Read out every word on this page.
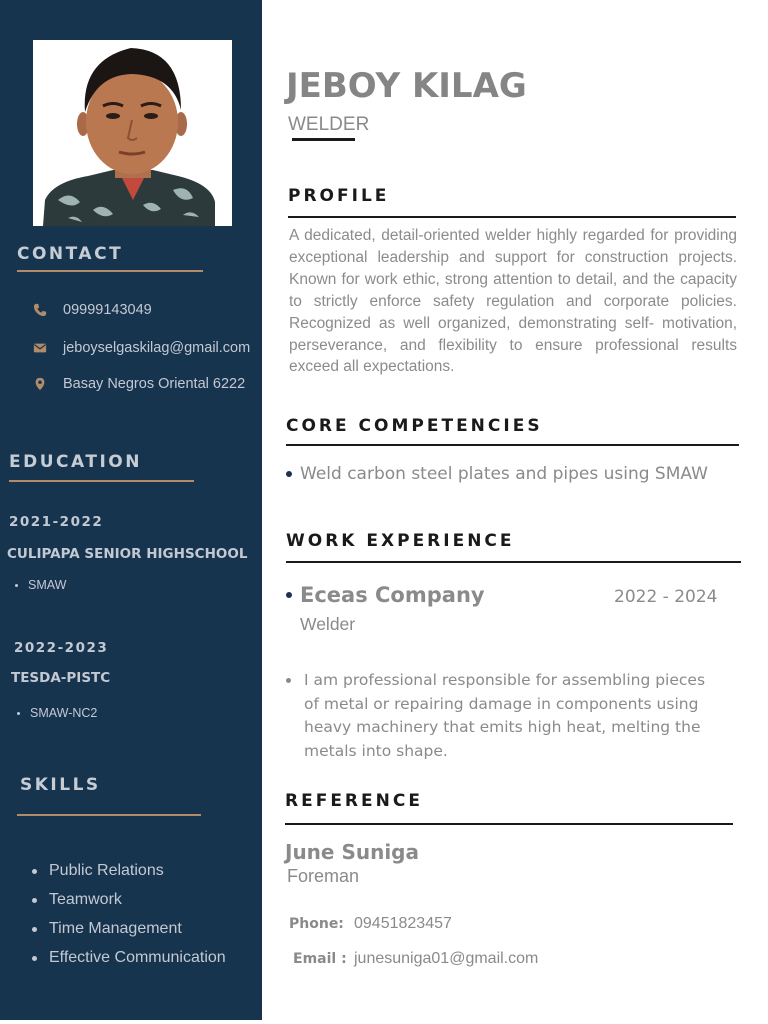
CONTACT
09999143049
jeboyselgaskilag@gmail.com
Basay Negros Oriental 6222
EDUCATION
2021-2022
CULIPAPA SENIOR HIGHSCHOOL
SMAW
2022-2023
TESDA-PISTC
SMAW-NC2
SKILLS
Public Relations
Teamwork
Time Management
Effective Communication
JEBOY KILAG
WELDER
PROFILE
A dedicated, detail-oriented welder highly regarded for providing exceptional leadership and support for construction projects. Known for work ethic, strong attention to detail, and the capacity to strictly enforce safety regulation and corporate policies. Recognized as well organized, demonstrating self- motivation, perseverance, and flexibility to ensure professional results exceed all expectations.
CORE COMPETENCIES
Weld carbon steel plates and pipes using SMAW
WORK EXPERIENCE
Eceas Company	2022 - 2024
Welder
I am professional responsible for assembling pieces of metal or repairing damage in components using heavy machinery that emits high heat, melting the metals into shape.
REFERENCE
June Suniga
Foreman
Phone: 09451823457
Email : junesuniga01@gmail.com
